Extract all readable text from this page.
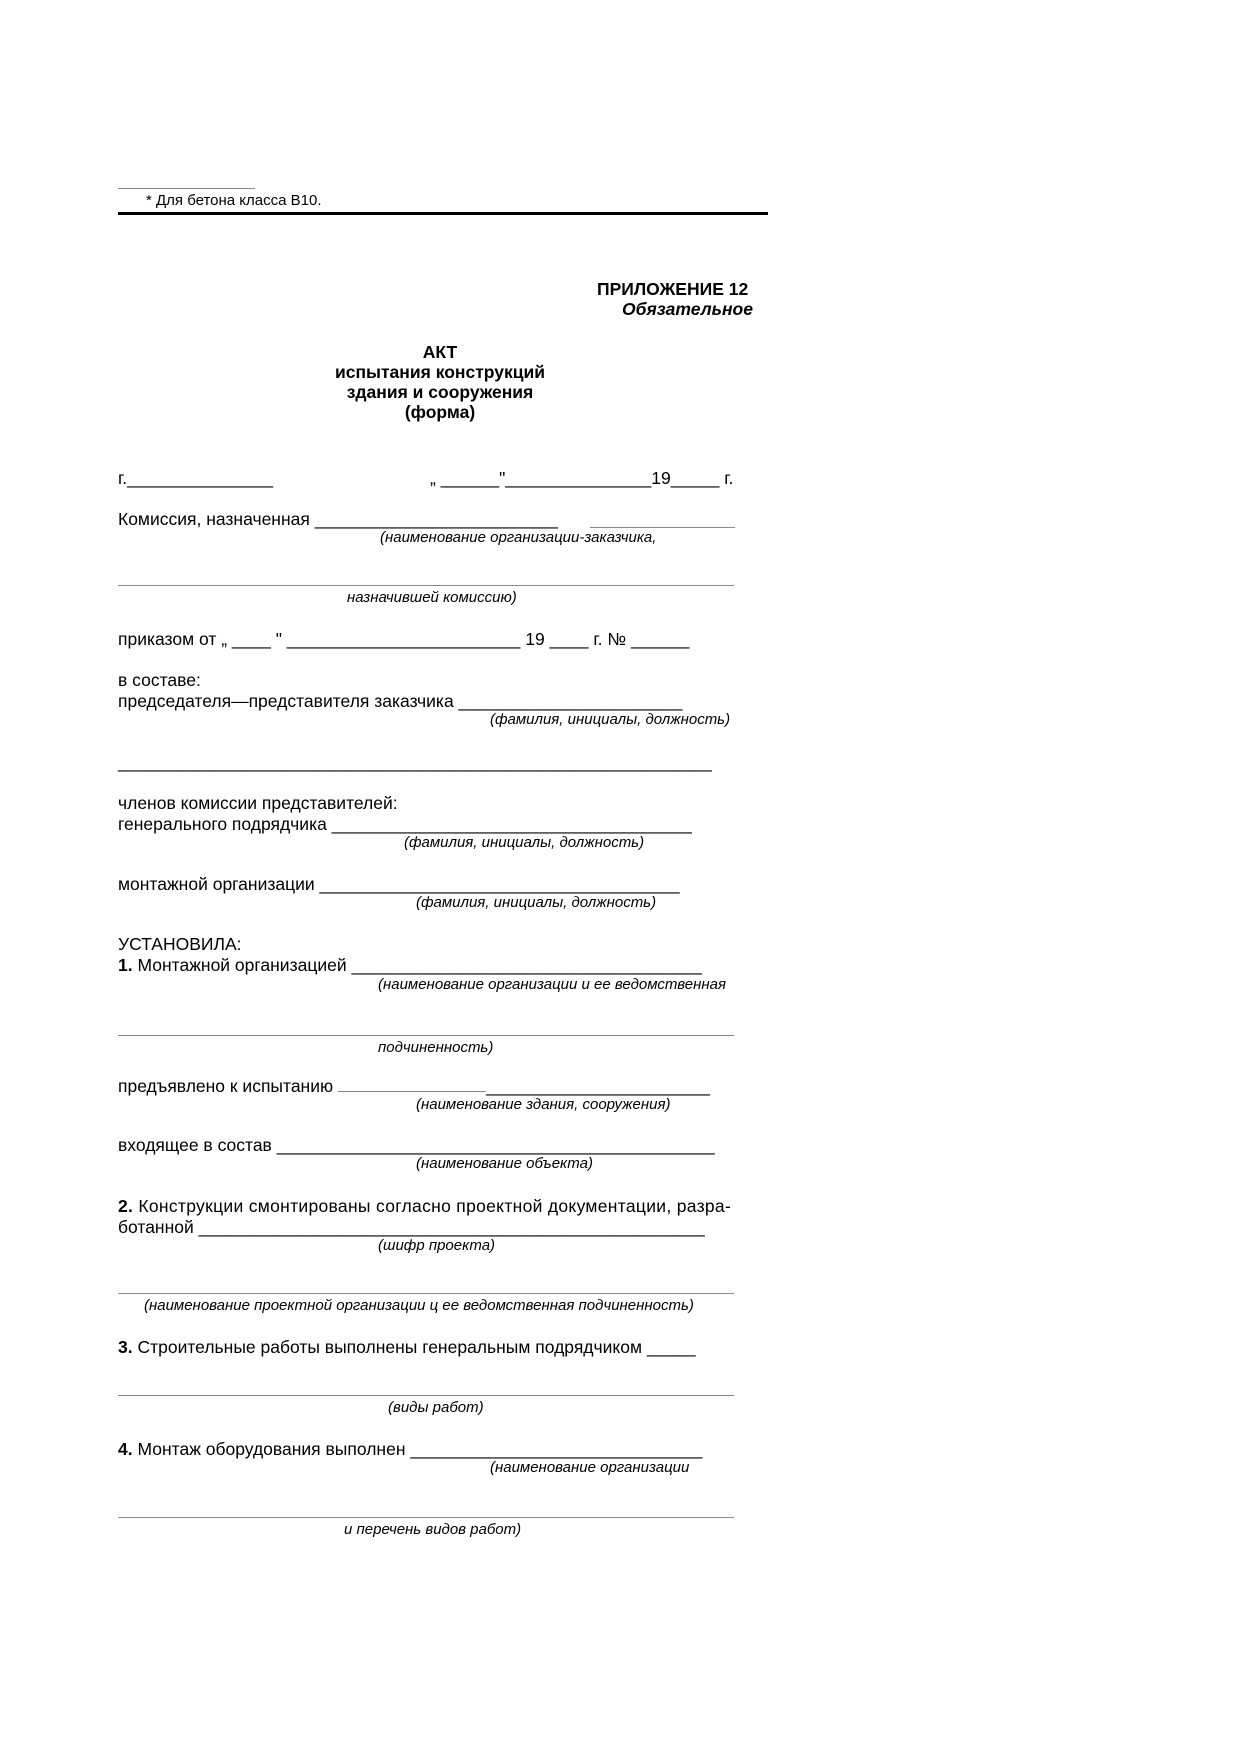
* Для бетона класса В10.
ПРИЛОЖЕНИЕ 12
Обязательное
АКТ
испытания конструкций
здания и сооружения
(форма)
г._______________	„ ______"_______________19_____ г.
Комиссия, назначенная _________________________
(наименование организации-заказчика,
назначившей комиссию)
приказом от „ ____ " ________________________ 19 ____ г. № ______
в составе:
председателя—представителя заказчика _______________________
(фамилия, инициалы, должность)
_____________________________________________________________
членов комиссии представителей:
генерального подрядчика _____________________________________
(фамилия, инициалы, должность)
монтажной организации _____________________________________
(фамилия, инициалы, должность)
УСТАНОВИЛА:
1. Монтажной организацией ____________________________________
(наименование организации и ее ведомственная
подчиненность)
предъявлено к испытанию	_______________________
(наименование здания, сооружения)
входящее в состав _____________________________________________
(наименование объекта)
2. Конструкции смонтированы согласно проектной документации, разра-
ботанной ____________________________________________________
(шифр проекта)
(наименование проектной организации ц ее ведомственная подчиненность)
3. Строительные работы выполнены генеральным подрядчиком _____
(виды работ)
4. Монтаж оборудования выполнен ______________________________
(наименование организации
и перечень видов работ)
